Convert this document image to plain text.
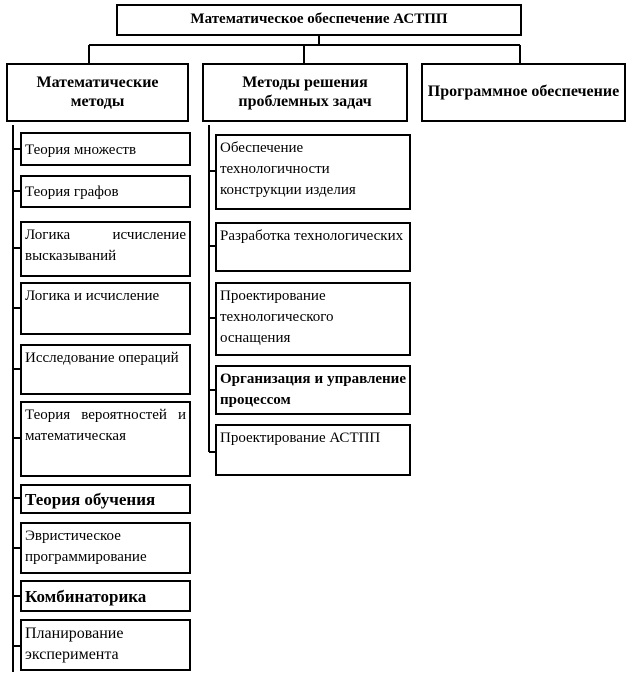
Математическое обеспечение АСТПП
Математические методы
Методы решения проблемных задач
Программное обеспечение
Теория множеств
Теория графов
Логика исчисление высказываний
Логика и исчисление
Исследование операций
Теория вероятностей и математическая
Теория обучения
Эвристическое программирование
Комбинаторика
Планирование эксперимента
Обеспечение технологичности конструкции изделия
Разработка технологических
Проектирование технологического оснащения
Организация и управление процессом
Проектирование АСТПП
